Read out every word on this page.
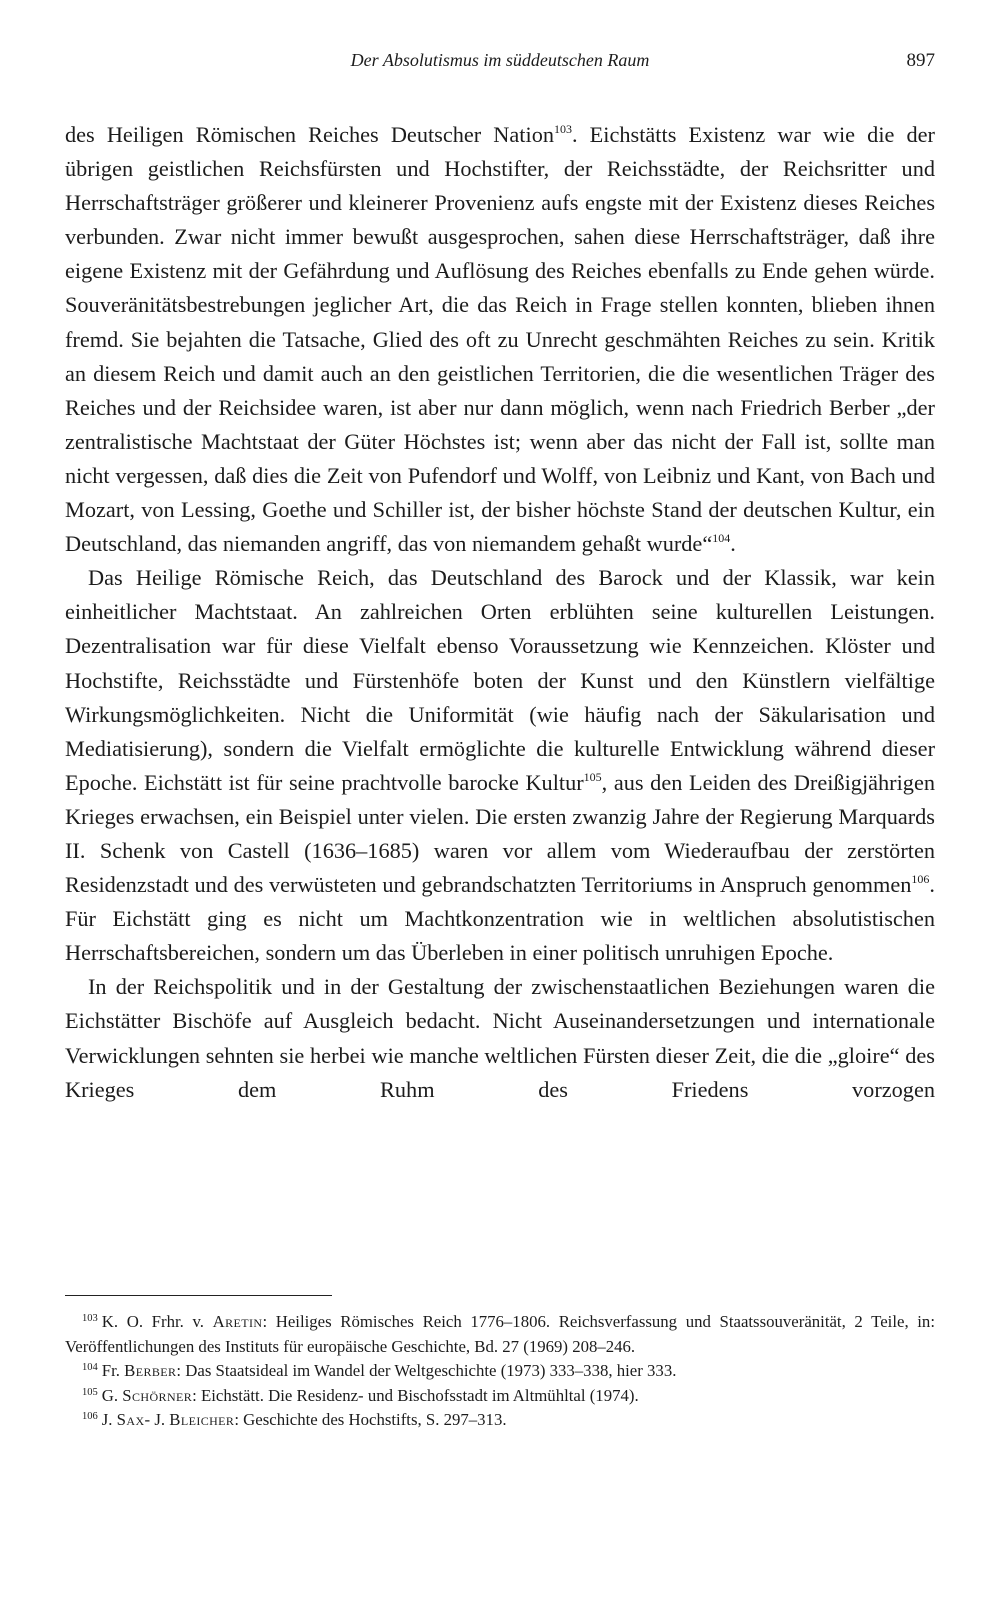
Der Absolutismus im süddeutschen Raum	897

des Heiligen Römischen Reiches Deutscher Nation$^{103}$. Eichstätts Existenz war wie die der übrigen geistlichen Reichsfürsten und Hochstifter, der Reichsstädte, der Reichsritter und Herrschaftsträger größerer und kleinerer Provenienz aufs engste mit der Existenz dieses Reiches verbunden. Zwar nicht immer bewußt ausgesprochen, sahen diese Herrschaftsträger, daß ihre eigene Existenz mit der Gefährdung und Auflösung des Reiches ebenfalls zu Ende gehen würde. Souveränitätsbestrebungen jeglicher Art, die das Reich in Frage stellen konnten, blieben ihnen fremd. Sie bejahten die Tatsache, Glied des oft zu Unrecht geschmähten Reiches zu sein. Kritik an diesem Reich und damit auch an den geistlichen Territorien, die die wesentlichen Träger des Reiches und der Reichsidee waren, ist aber nur dann möglich, wenn nach Friedrich Berber „der zentralistische Machtstaat der Güter Höchstes ist; wenn aber das nicht der Fall ist, sollte man nicht vergessen, daß dies die Zeit von Pufendorf und Wolff, von Leibniz und Kant, von Bach und Mozart, von Lessing, Goethe und Schiller ist, der bisher höchste Stand der deutschen Kultur, ein Deutschland, das niemanden angriff, das von niemandem gehaßt wurde“$^{104}$.

Das Heilige Römische Reich, das Deutschland des Barock und der Klassik, war kein einheitlicher Machtstaat. An zahlreichen Orten erblühten seine kulturellen Leistungen. Dezentralisation war für diese Vielfalt ebenso Voraussetzung wie Kennzeichen. Klöster und Hochstifte, Reichsstädte und Fürstenhöfe boten der Kunst und den Künstlern vielfältige Wirkungsmöglichkeiten. Nicht die Uniformität (wie häufig nach der Säkularisation und Mediatisierung), sondern die Vielfalt ermöglichte die kulturelle Entwicklung während dieser Epoche. Eichstätt ist für seine prachtvolle barocke Kultur$^{105}$, aus den Leiden des Dreißigjährigen Krieges erwachsen, ein Beispiel unter vielen. Die ersten zwanzig Jahre der Regierung Marquards II. Schenk von Castell (1636–1685) waren vor allem vom Wiederaufbau der zerstörten Residenzstadt und des verwüsteten und gebrandschatzten Territoriums in Anspruch genommen$^{106}$. Für Eichstätt ging es nicht um Machtkonzentration wie in weltlichen absolutistischen Herrschaftsbereichen, sondern um das Überleben in einer politisch unruhigen Epoche.

In der Reichspolitik und in der Gestaltung der zwischenstaatlichen Beziehungen waren die Eichstätter Bischöfe auf Ausgleich bedacht. Nicht Auseinandersetzungen und internationale Verwicklungen sehnten sie herbei wie manche weltlichen Fürsten dieser Zeit, die die „gloire“ des Krieges dem Ruhm des Friedens vorzogen

$^{103}$ K. O. Frhr. v. Aretin: Heiliges Römisches Reich 1776–1806. Reichsverfassung und Staatssouveränität, 2 Teile, in: Veröffentlichungen des Instituts für europäische Geschichte, Bd. 27 (1969) 208–246.

$^{104}$ Fr. Berber: Das Staatsideal im Wandel der Weltgeschichte (1973) 333–338, hier 333.

$^{105}$ G. Schörner: Eichstätt. Die Residenz- und Bischofsstadt im Altmühltal (1974).

$^{106}$ J. Sax- J. Bleicher: Geschichte des Hochstifts, S. 297–313.
